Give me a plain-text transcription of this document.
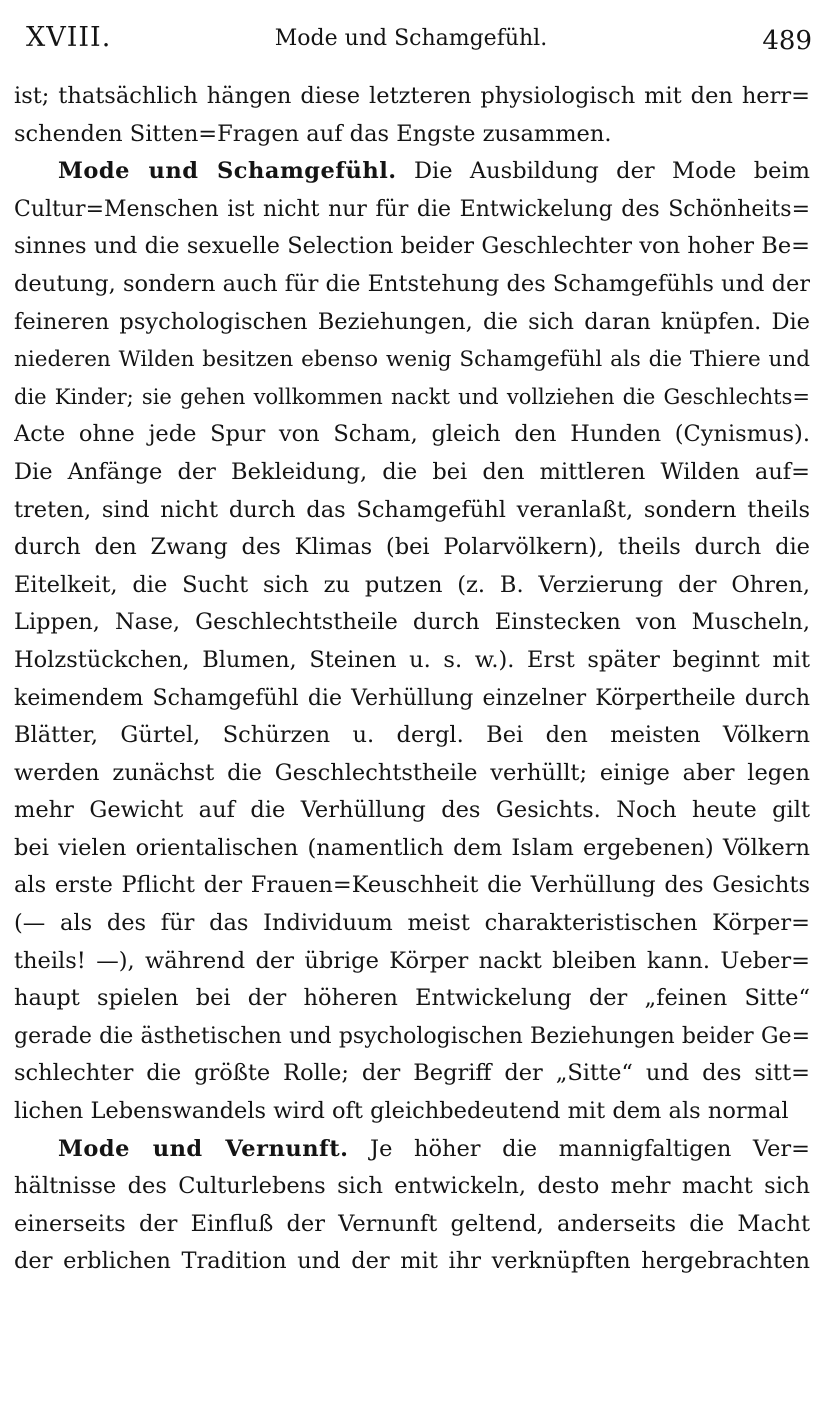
XVIII.	Mode und Schamgefühl.	489
ist; thatsächlich hängen diese letzteren physiologisch mit den herr=
schenden Sitten=Fragen auf das Engste zusammen.
Mode und Schamgefühl. Die Ausbildung der Mode beim
Cultur=Menschen ist nicht nur für die Entwickelung des Schönheits=
sinnes und die sexuelle Selection beider Geschlechter von hoher Be=
deutung, sondern auch für die Entstehung des Schamgefühls und der
feineren psychologischen Beziehungen, die sich daran knüpfen. Die
niederen Wilden besitzen ebenso wenig Schamgefühl als die Thiere und
die Kinder; sie gehen vollkommen nackt und vollziehen die Geschlechts=
Acte ohne jede Spur von Scham, gleich den Hunden (Cynismus).
Die Anfänge der Bekleidung, die bei den mittleren Wilden auf=
treten, sind nicht durch das Schamgefühl veranlaßt, sondern theils
durch den Zwang des Klimas (bei Polarvölkern), theils durch die
Eitelkeit, die Sucht sich zu putzen (z. B. Verzierung der Ohren,
Lippen, Nase, Geschlechtstheile durch Einstecken von Muscheln,
Holzstückchen, Blumen, Steinen u. s. w.). Erst später beginnt mit
keimendem Schamgefühl die Verhüllung einzelner Körpertheile durch
Blätter, Gürtel, Schürzen u. dergl. Bei den meisten Völkern
werden zunächst die Geschlechtstheile verhüllt; einige aber legen
mehr Gewicht auf die Verhüllung des Gesichts. Noch heute gilt
bei vielen orientalischen (namentlich dem Islam ergebenen) Völkern
als erste Pflicht der Frauen=Keuschheit die Verhüllung des Gesichts
(— als des für das Individuum meist charakteristischen Körper=
theils! —), während der übrige Körper nackt bleiben kann. Ueber=
haupt spielen bei der höheren Entwickelung der „feinen Sitte“
gerade die ästhetischen und psychologischen Beziehungen beider Ge=
schlechter die größte Rolle; der Begriff der „Sitte“ und des sitt=
lichen Lebenswandels wird oft gleichbedeutend mit dem als normal
Mode und Vernunft. Je höher die mannigfaltigen Ver=
hältnisse des Culturlebens sich entwickeln, desto mehr macht sich
einerseits der Einfluß der Vernunft geltend, anderseits die Macht
der erblichen Tradition und der mit ihr verknüpften hergebrachten
